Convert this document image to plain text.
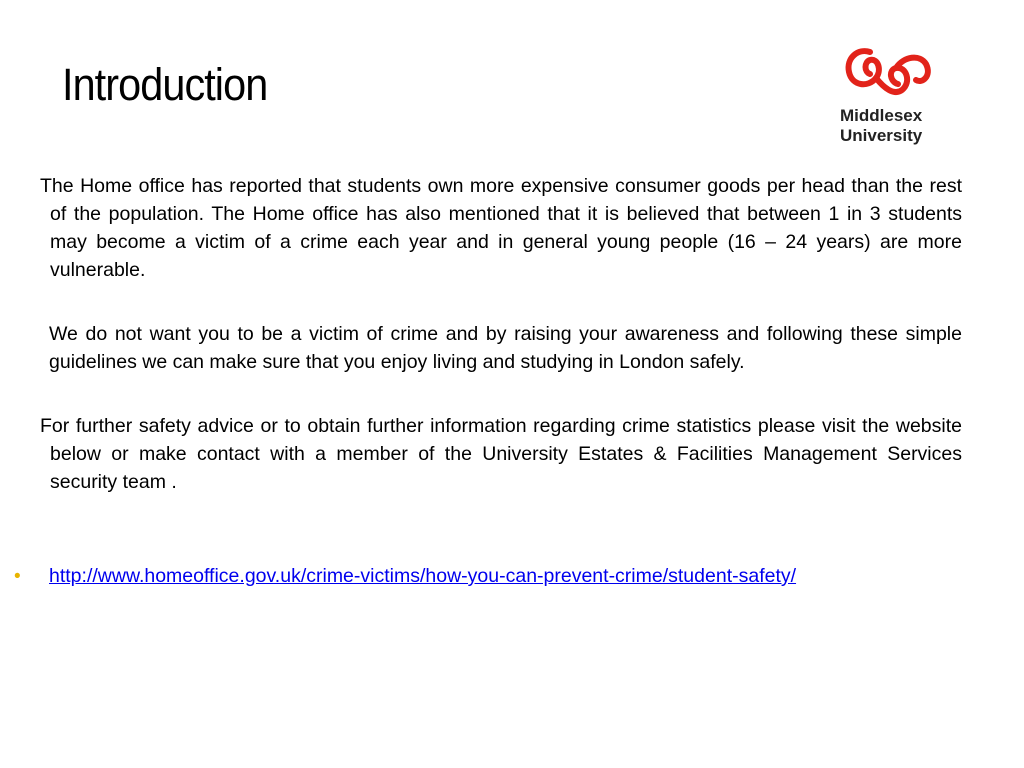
Introduction
Middlesex
University

The Home office has reported that students own more expensive consumer goods per head than the rest of the population. The Home office has also mentioned that it is believed that between 1 in 3 students may become a victim of a crime each year and in general young people (16 – 24 years) are more vulnerable.

We do not want you to be a victim of crime and by raising your awareness and following these simple guidelines we can make sure that you enjoy living and studying in London safely.

For further safety advice or to obtain further information regarding crime statistics please visit the website below or make contact with a member of the University Estates & Facilities Management Services security team .

• http://www.homeoffice.gov.uk/crime-victims/how-you-can-prevent-crime/student-safety/
